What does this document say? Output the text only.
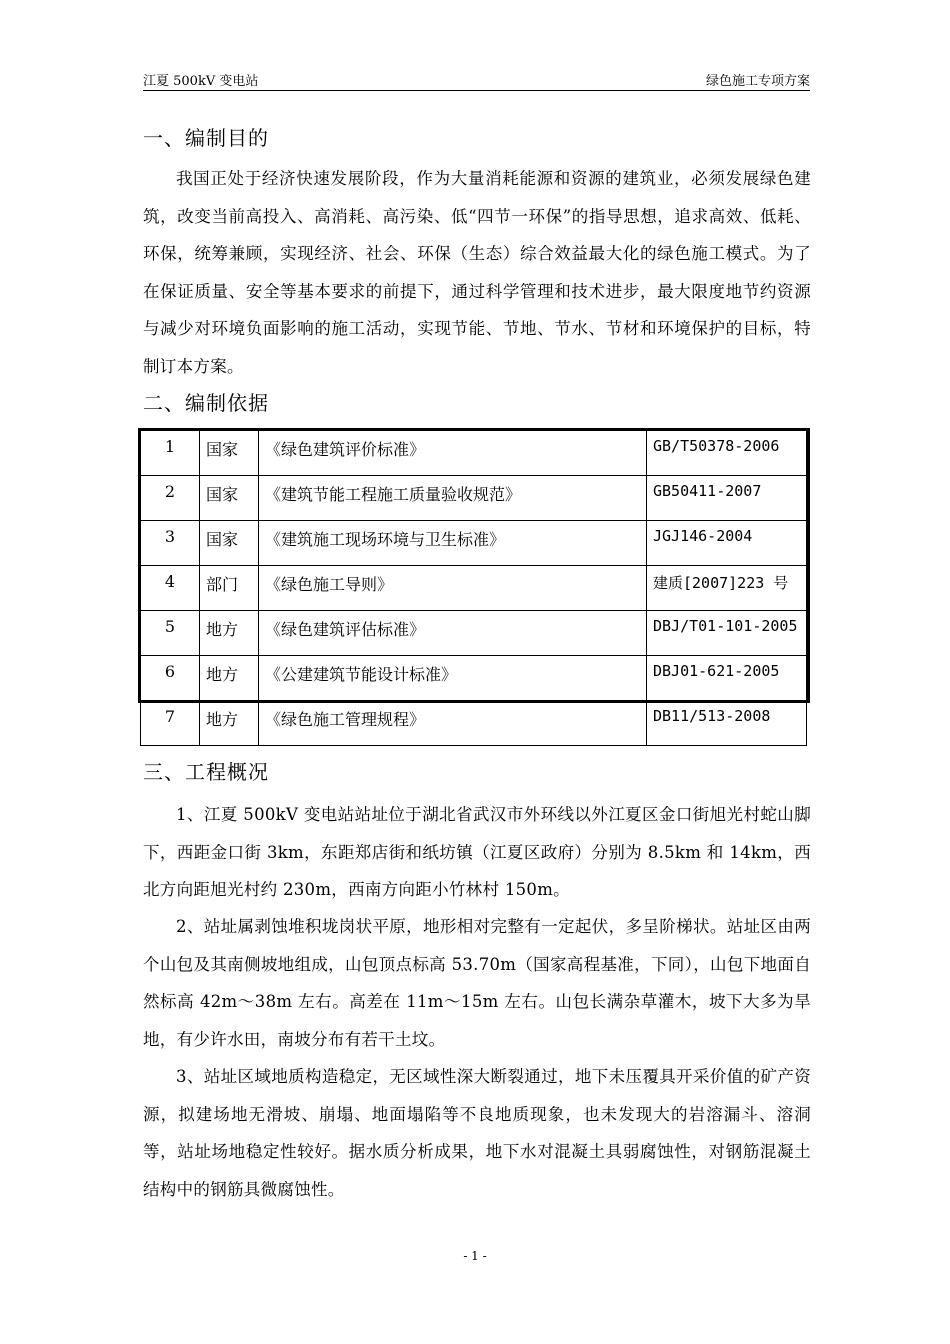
江夏 500kV 变电站	绿色施工专项方案
一、编制目的

我国正处于经济快速发展阶段，作为大量消耗能源和资源的建筑业，必须发展绿色建筑，改变当前高投入、高消耗、高污染、低“四节一环保”的指导思想，追求高效、低耗、环保，统筹兼顾，实现经济、社会、环保（生态）综合效益最大化的绿色施工模式。为了在保证质量、安全等基本要求的前提下，通过科学管理和技术进步，最大限度地节约资源与减少对环境负面影响的施工活动，实现节能、节地、节水、节材和环境保护的目标，特制订本方案。

二、编制依据
1	国家	《绿色建筑评价标准》	GB/T50378-2006
2	国家	《建筑节能工程施工质量验收规范》	GB50411-2007
3	国家	《建筑施工现场环境与卫生标准》	JGJ146-2004
4	部门	《绿色施工导则》	建质[2007]223 号
5	地方	《绿色建筑评估标准》	DBJ/T01-101-2005
6	地方	《公建建筑节能设计标准》	DBJ01-621-2005
7	地方	《绿色施工管理规程》	DB11/513-2008
三、工程概况

1、江夏 500kV 变电站站址位于湖北省武汉市外环线以外江夏区金口街旭光村蛇山脚下，西距金口街 3km，东距郑店街和纸坊镇（江夏区政府）分别为 8.5km 和 14km，西北方向距旭光村约 230m，西南方向距小竹林村 150m。

2、站址属剥蚀堆积垅岗状平原，地形相对完整有一定起伏，多呈阶梯状。站址区由两个山包及其南侧坡地组成，山包顶点标高 53.70m（国家高程基准，下同），山包下地面自然标高 42m～38m 左右。高差在 11m～15m 左右。山包长满杂草灌木，坡下大多为旱地，有少许水田，南坡分布有若干土坟。

3、站址区域地质构造稳定，无区域性深大断裂通过，地下未压覆具开采价值的矿产资源，拟建场地无滑坡、崩塌、地面塌陷等不良地质现象，也未发现大的岩溶漏斗、溶洞等，站址场地稳定性较好。据水质分析成果，地下水对混凝土具弱腐蚀性，对钢筋混凝土结构中的钢筋具微腐蚀性。

- 1 -
